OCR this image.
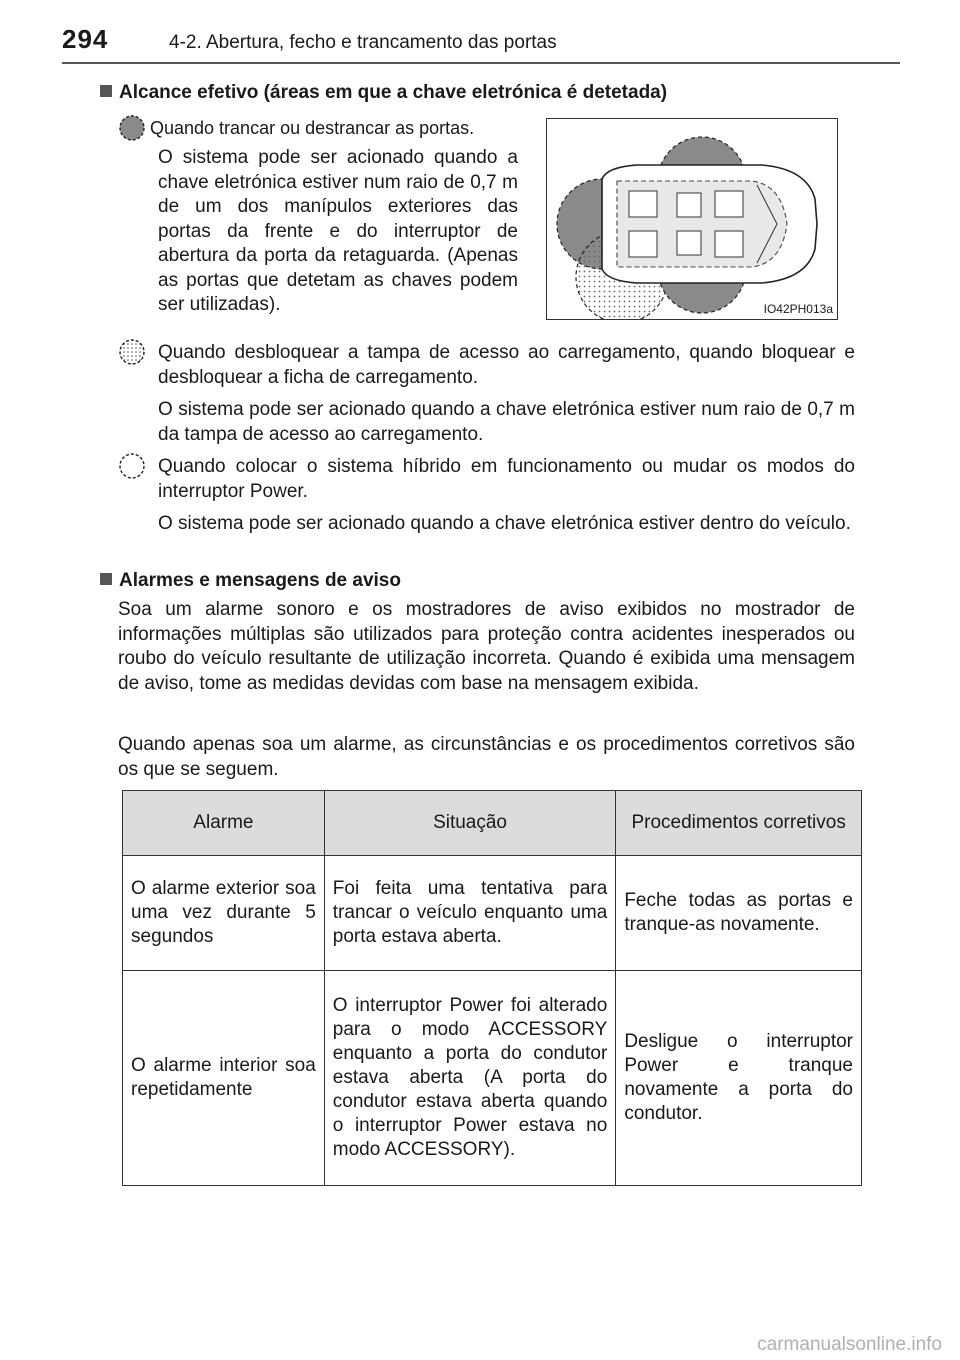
294	4-2. Abertura, fecho e trancamento das portas
Alcance efetivo (áreas em que a chave eletrónica é detetada)
Quando trancar ou destrancar as portas.
O sistema pode ser acionado quando a chave eletrónica estiver num raio de 0,7 m de um dos manípulos exteriores das portas da frente e do interruptor de abertura da porta da retaguarda. (Apenas as portas que detetam as chaves podem ser utilizadas).	IO42PH013a
Quando desbloquear a tampa de acesso ao carregamento, quando bloquear e desbloquear a ficha de carregamento.
O sistema pode ser acionado quando a chave eletrónica estiver num raio de 0,7 m da tampa de acesso ao carregamento.
Quando colocar o sistema híbrido em funcionamento ou mudar os modos do interruptor Power.
O sistema pode ser acionado quando a chave eletrónica estiver dentro do veículo.
Alarmes e mensagens de aviso
Soa um alarme sonoro e os mostradores de aviso exibidos no mostrador de informações múltiplas são utilizados para proteção contra acidentes inesperados ou roubo do veículo resultante de utilização incorreta. Quando é exibida uma mensagem de aviso, tome as medidas devidas com base na mensagem exibida.
Quando apenas soa um alarme, as circunstâncias e os procedimentos corretivos são os que se seguem.
Alarme	Situação	Procedimentos corretivos
O alarme exterior soa uma vez durante 5 segundos	Foi feita uma tentativa para trancar o veículo enquanto uma porta estava aberta.	Feche todas as portas e tranque-as novamente.
O alarme interior soa repetidamente	O interruptor Power foi alterado para o modo ACCESSORY enquanto a porta do condutor estava aberta (A porta do condutor estava aberta quando o interruptor Power estava no modo ACCESSORY).	Desligue o interruptor Power e tranque novamente a porta do condutor.
carmanualsonline.info
